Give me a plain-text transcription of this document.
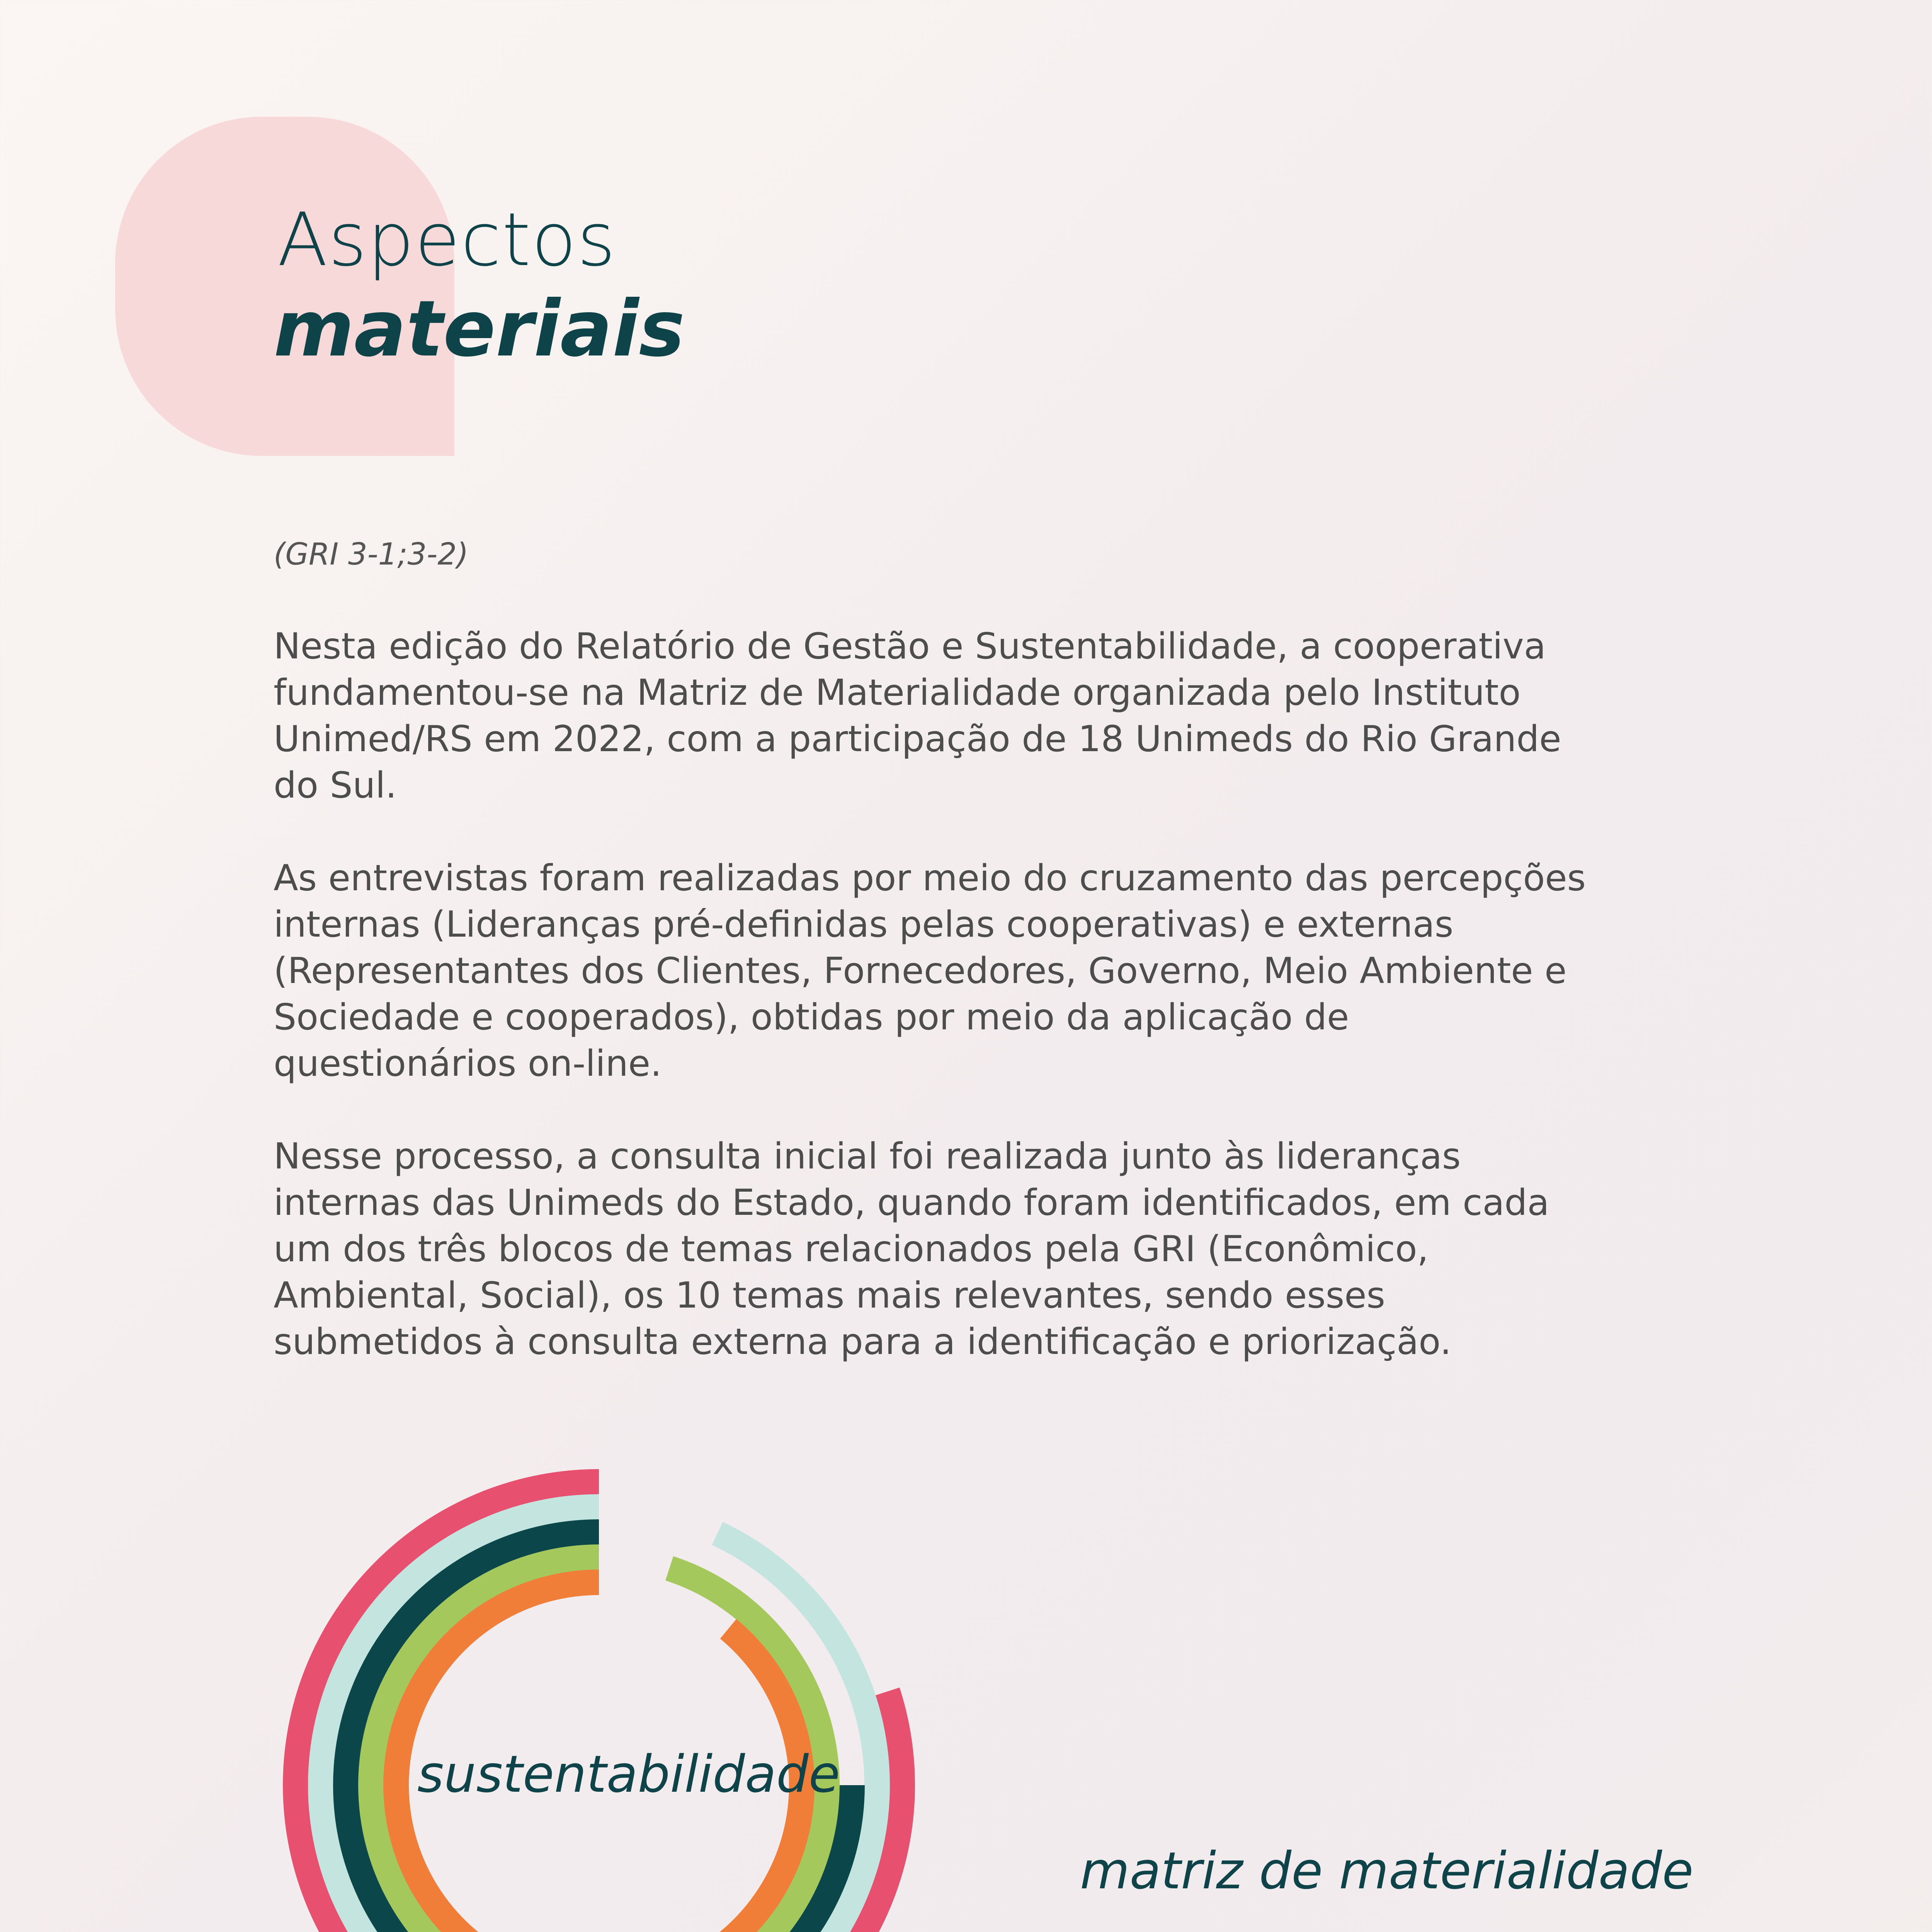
Aspectos
materiais
(GRI 3-1;3-2)

Nesta edição do Relatório de Gestão e Sustentabilidade, a cooperativa fundamentou-se na Matriz de Materialidade organizada pelo Instituto Unimed/RS em 2022, com a participação de 18 Unimeds do Rio Grande do Sul.

As entrevistas foram realizadas por meio do cruzamento das percepções internas (Lideranças pré-definidas pelas cooperativas) e externas (Representantes dos Clientes, Fornecedores, Governo, Meio Ambiente e Sociedade e cooperados), obtidas por meio da aplicação de questionários on-line.

Nesse processo, a consulta inicial foi realizada junto às lideranças internas das Unimeds do Estado, quando foram identificados, em cada um dos três blocos de temas relacionados pela GRI (Econômico, Ambiental, Social), os 10 temas mais relevantes, sendo esses submetidos à consulta externa para a identificação e priorização.

sustentabilidade
matriz de materialidade
